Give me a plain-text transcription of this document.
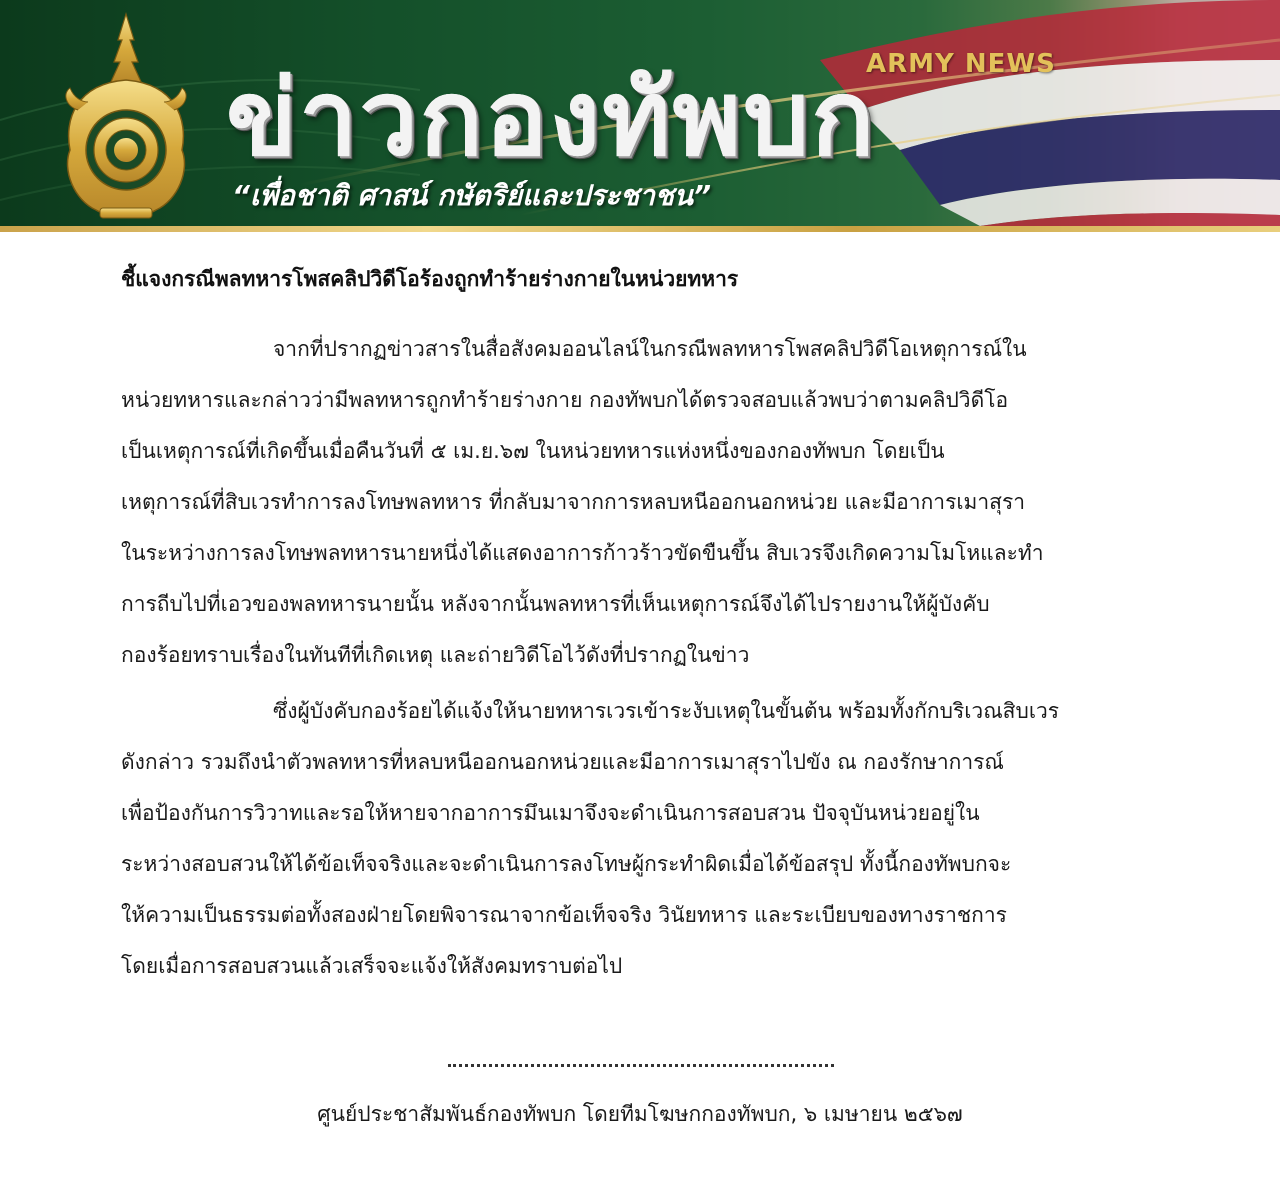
ARMY NEWS
ข่าวกองทัพบก
“เพื่อชาติ ศาสน์ กษัตริย์และประชาชน”
ชี้แจงกรณีพลทหารโพสคลิปวิดีโอร้องถูกทำร้ายร่างกายในหน่วยทหาร

จากที่ปรากฏข่าวสารในสื่อสังคมออนไลน์ในกรณีพลทหารโพสคลิปวิดีโอเหตุการณ์ใน
หน่วยทหารและกล่าวว่ามีพลทหารถูกทำร้ายร่างกาย กองทัพบกได้ตรวจสอบแล้วพบว่าตามคลิปวิดีโอ
เป็นเหตุการณ์ที่เกิดขึ้นเมื่อคืนวันที่ ๕ เม.ย.๖๗ ในหน่วยทหารแห่งหนึ่งของกองทัพบก โดยเป็น
เหตุการณ์ที่สิบเวรทำการลงโทษพลทหาร ที่กลับมาจากการหลบหนีออกนอกหน่วย และมีอาการเมาสุรา
ในระหว่างการลงโทษพลทหารนายหนึ่งได้แสดงอาการก้าวร้าวขัดขืนขึ้น สิบเวรจึงเกิดความโมโหและทำ
การถีบไปที่เอวของพลทหารนายนั้น หลังจากนั้นพลทหารที่เห็นเหตุการณ์จึงได้ไปรายงานให้ผู้บังคับ
กองร้อยทราบเรื่องในทันทีที่เกิดเหตุ และถ่ายวิดีโอไว้ดังที่ปรากฏในข่าว

ซึ่งผู้บังคับกองร้อยได้แจ้งให้นายทหารเวรเข้าระงับเหตุในขั้นต้น พร้อมทั้งกักบริเวณสิบเวร
ดังกล่าว รวมถึงนำตัวพลทหารที่หลบหนีออกนอกหน่วยและมีอาการเมาสุราไปขัง ณ กองรักษาการณ์
เพื่อป้องกันการวิวาทและรอให้หายจากอาการมึนเมาจึงจะดำเนินการสอบสวน ปัจจุบันหน่วยอยู่ใน
ระหว่างสอบสวนให้ได้ข้อเท็จจริงและจะดำเนินการลงโทษผู้กระทำผิดเมื่อได้ข้อสรุป ทั้งนี้กองทัพบกจะ
ให้ความเป็นธรรมต่อทั้งสองฝ่ายโดยพิจารณาจากข้อเท็จจริง วินัยทหาร และระเบียบของทางราชการ
โดยเมื่อการสอบสวนแล้วเสร็จจะแจ้งให้สังคมทราบต่อไป

ศูนย์ประชาสัมพันธ์กองทัพบก โดยทีมโฆษกกองทัพบก, ๖ เมษายน ๒๕๖๗
